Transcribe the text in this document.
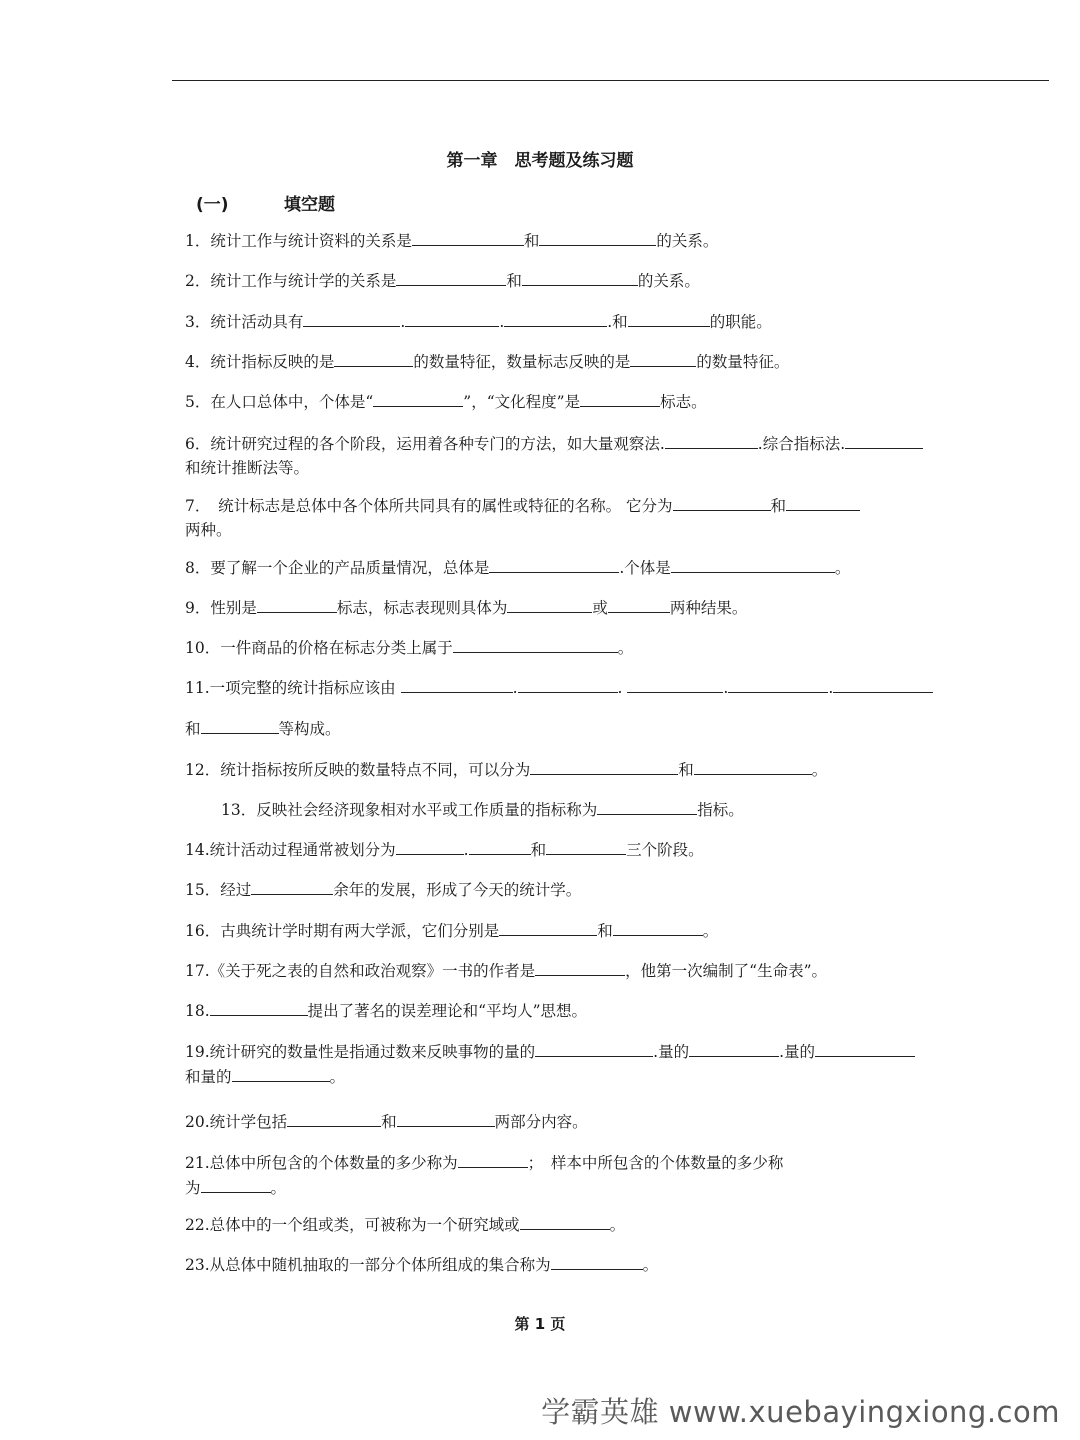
第一章　思考题及练习题
(一)	填空题
1．统计工作与统计资料的关系是	和	的关系。
2．统计工作与统计学的关系是	和	的关系。
3．统计活动具有	.	.	.和	的职能。
4．统计指标反映的是	的数量特征，数量标志反映的是	的数量特征。
5．在人口总体中，个体是“	”，“文化程度”是	标志。
6．统计研究过程的各个阶段，运用着各种专门的方法，如大量观察法.	.综合指标法.
和统计推断法等。
7．　统计标志是总体中各个体所共同具有的属性或特征的名称。 它分为	和
两种。
8．要了解一个企业的产品质量情况，总体是	.个体是	。
9．性别是	标志，标志表现则具体为	或	两种结果。
10．一件商品的价格在标志分类上属于	。
11.一项完整的统计指标应该由	.	.	.	.
和	等构成。
12．统计指标按所反映的数量特点不同，可以分为	和	。
13．反映社会经济现象相对水平或工作质量的指标称为	指标。
14.统计活动过程通常被划分为	.	和	三个阶段。
15．经过	余年的发展，形成了今天的统计学。
16．古典统计学时期有两大学派，它们分别是	和	。
17.《关于死之表的自然和政治观察》一书的作者是	，他第一次编制了“生命表”。
18.	提出了著名的误差理论和“平均人”思想。
19.统计研究的数量性是指通过数来反映事物的量的	.量的	.量的
和量的	。
20.统计学包括	和	两部分内容。
21.总体中所包含的个体数量的多少称为	；　样本中所包含的个体数量的多少称
为	。
22.总体中的一个组或类，可被称为一个研究域或	。
23.从总体中随机抽取的一部分个体所组成的集合称为	。
第 1 页
学霸英雄 www.xuebayingxiong.com
